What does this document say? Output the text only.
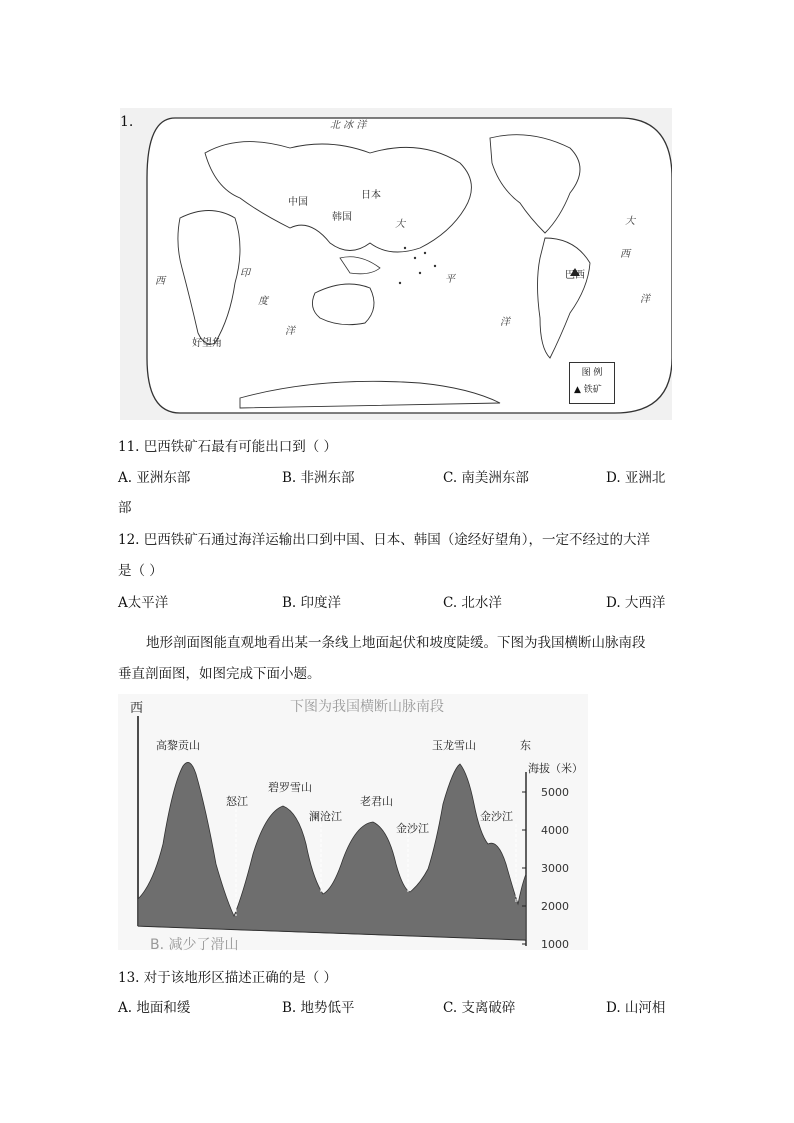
1.	北 冰 洋
中国
日本
韩国
巴西
好望角
大
平
西
西
印
度
洋
洋
洋
大
图 例
▲ 铁矿
11. 巴西铁矿石最有可能出口到（ ）
A. 亚洲东部	B. 非洲东部	C. 南美洲东部	D. 亚洲北
部
12. 巴西铁矿石通过海洋运输出口到中国、日本、韩国（途经好望角），一定不经过的大洋
是（ ）
A太平洋	B. 印度洋	C. 北水洋	D. 大西洋
地形剖面图能直观地看出某一条线上地面起伏和坡度陡缓。下图为我国横断山脉南段
垂直剖面图，如图完成下面小题。
西
东
下图为我国横断山脉南段
B. 减少了滑山
高黎贡山
碧罗雪山
老君山
玉龙雪山
怒江
澜沧江
金沙江
金沙江
海拔（米）
5000
4000
3000
2000
1000
13. 对于该地形区描述正确的是（ ）
A. 地面和缓	B. 地势低平	C. 支离破碎	D. 山河相
